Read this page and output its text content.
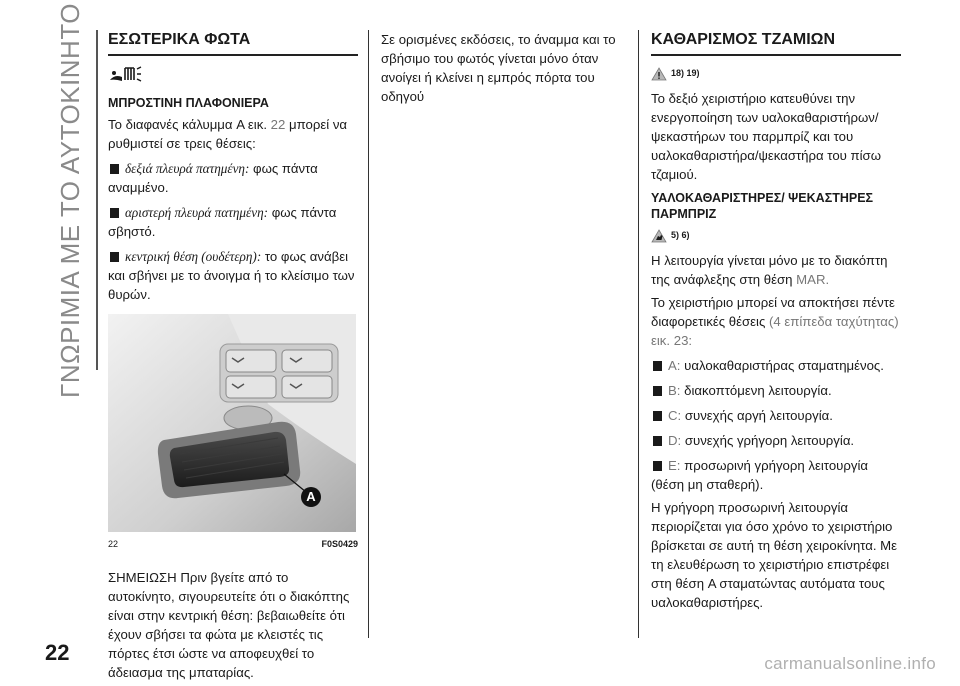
ΓΝΩΡΙΜΙΑ ΜΕ ΤΟ ΑΥΤΟΚΙΝΗΤΟ ΕΣΩΤΕΡΙΚΑ ΦΩΤΑ
ΜΠΡΟΣΤΙΝΗ ΠΛΑΦΟΝΙΕΡΑ

Το διαφανές κάλυμμα A εικ. 22 μπορεί να ρυθμιστεί σε τρεις θέσεις:

δεξιά πλευρά πατημένη: φως πάντα αναμμένο.
αριστερή πλευρά πατημένη: φως πάντα σβηστό.
κεντρική θέση (ουδέτερη): το φως ανάβει και σβήνει με το άνοιγμα ή το κλείσιμο των θυρών.
A
22	F0S0429

ΣΗΜΕΙΩΣΗ Πριν βγείτε από το αυτοκίνητο, σιγουρευτείτε ότι ο διακόπτης είναι στην κεντρική θέση: βεβαιωθείτε ότι έχουν σβήσει τα φώτα με κλειστές τις πόρτες έτσι ώστε να αποφευχθεί το άδειασμα της μπαταρίας.

Σε ορισμένες εκδόσεις, το άναμμα και το σβήσιμο του φωτός γίνεται μόνο όταν ανοίγει ή κλείνει η εμπρός πόρτα του οδηγού

ΚΑΘΑΡΙΣΜΟΣ ΤΖΑΜΙΩΝ
18) 19)

Το δεξιό χειριστήριο κατευθύνει την ενεργοποίηση των υαλοκαθαριστήρων/ψεκαστήρων του παρμπρίζ και του υαλοκαθαριστήρα/ψεκαστήρα του πίσω τζαμιού.

ΥΑΛΟΚΑΘΑΡΙΣΤΗΡΕΣ/ ΨΕΚΑΣΤΗΡΕΣ ΠΑΡΜΠΡΙΖ
5) 6)

Η λειτουργία γίνεται μόνο με το διακόπτη της ανάφλεξης στη θέση MAR.

Το χειριστήριο μπορεί να αποκτήσει πέντε διαφορετικές θέσεις (4 επίπεδα ταχύτητας) εικ. 23:

A: υαλοκαθαριστήρας σταματημένος.
B: διακοπτόμενη λειτουργία.
C: συνεχής αργή λειτουργία.
D: συνεχής γρήγορη λειτουργία.
E: προσωρινή γρήγορη λειτουργία (θέση μη σταθερή).

Η γρήγορη προσωρινή λειτουργία περιορίζεται για όσο χρόνο το χειριστήριο βρίσκεται σε αυτή τη θέση χειροκίνητα. Με τη ελευθέρωση το χειριστήριο επιστρέφει στη θέση A σταματώντας αυτόματα τους υαλοκαθαριστήρες.

22	carmanualsonline.info
